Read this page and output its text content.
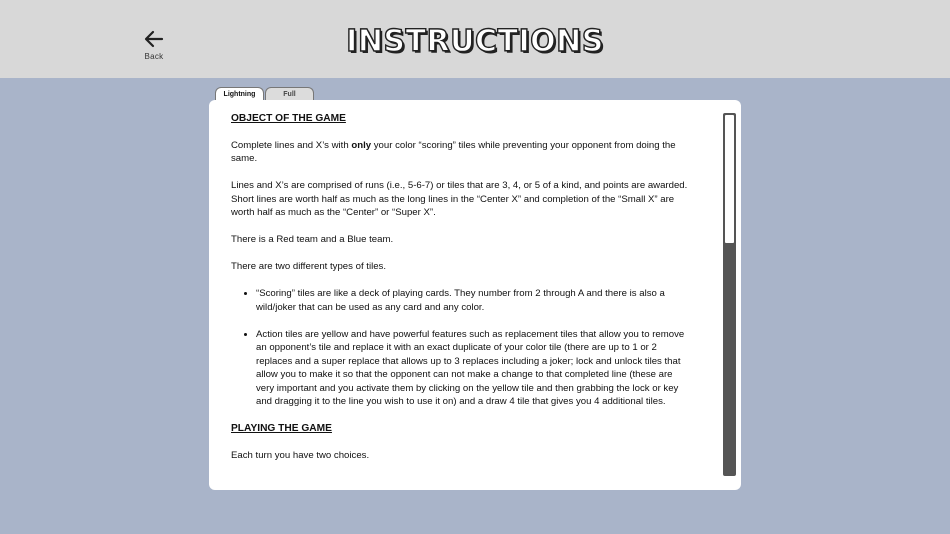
Back	INSTRUCTIONS
Lightning	Full
OBJECT OF THE GAME

Complete lines and X’s with only your color “scoring” tiles while preventing your opponent from doing the same.

Lines and X’s are comprised of runs (i.e., 5-6-7) or tiles that are 3, 4, or 5 of a kind, and points are awarded. Short lines are worth half as much as the long lines in the “Center X” and completion of the “Small X” are worth half as much as the “Center” or “Super X”.

There is a Red team and a Blue team.

There are two different types of tiles.

• “Scoring” tiles are like a deck of playing cards. They number from 2 through A and there is also a wild/joker that can be used as any card and any color.
• Action tiles are yellow and have powerful features such as replacement tiles that allow you to remove an opponent’s tile and replace it with an exact duplicate of your color tile (there are up to 1 or 2 replaces and a super replace that allows up to 3 replaces including a joker; lock and unlock tiles that allow you to make it so that the opponent can not make a change to that completed line (these are very important and you activate them by clicking on the yellow tile and then grabbing the lock or key and dragging it to the line you wish to use it on) and a draw 4 tile that gives you 4 additional tiles.
PLAYING THE GAME

Each turn you have two choices.
